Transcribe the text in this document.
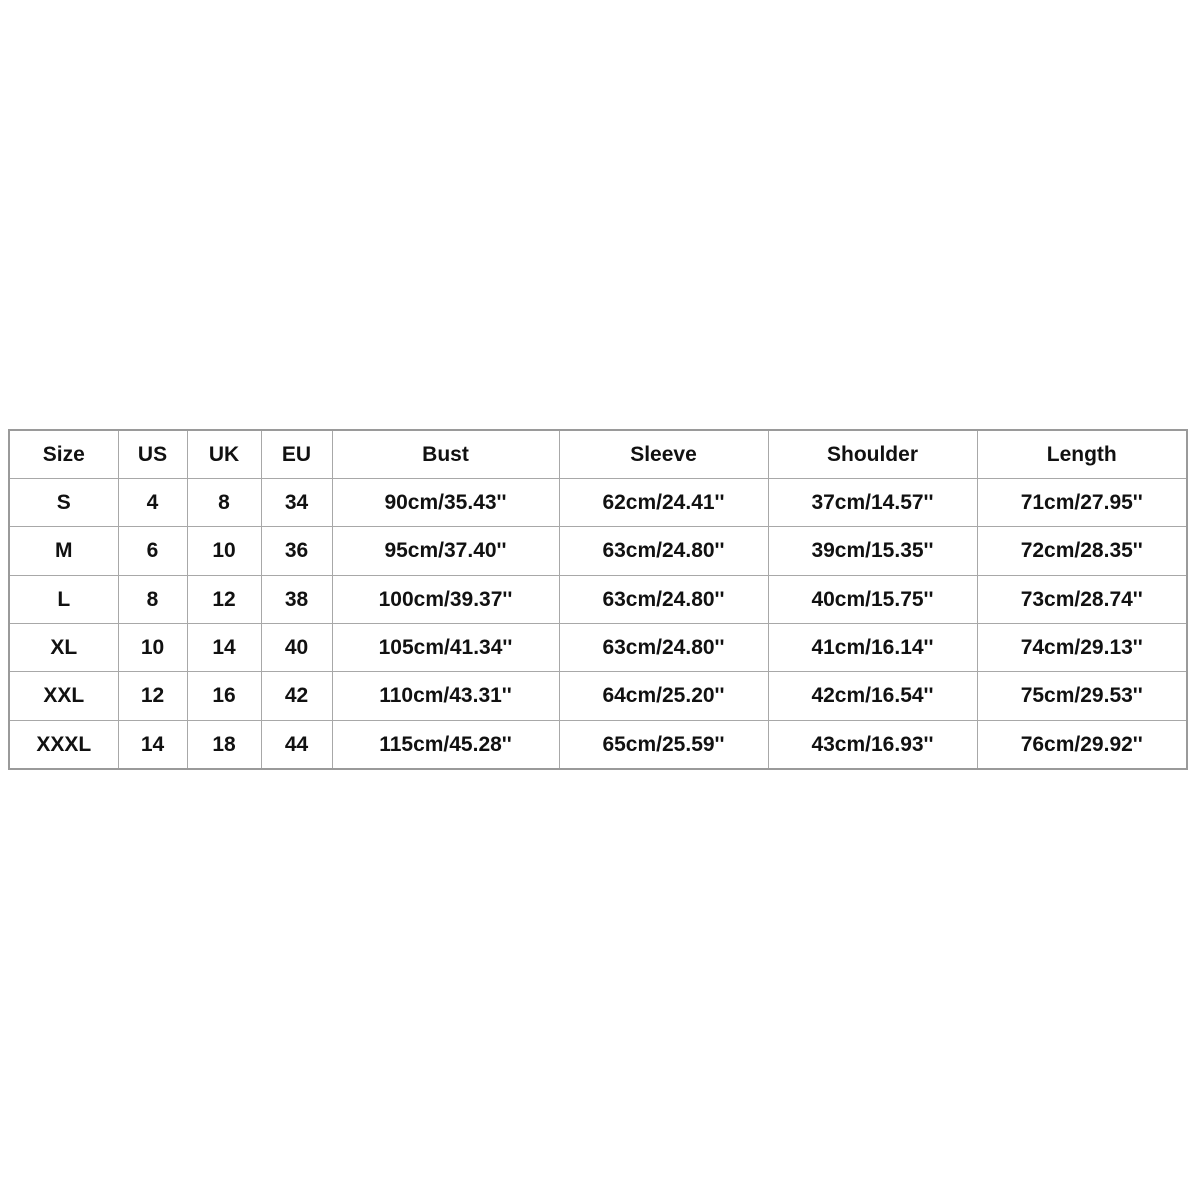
Size	US	UK	EU	Bust	Sleeve	Shoulder	Length
S	4	8	34	90cm/35.43''	62cm/24.41''	37cm/14.57''	71cm/27.95''
M	6	10	36	95cm/37.40''	63cm/24.80''	39cm/15.35''	72cm/28.35''
L	8	12	38	100cm/39.37''	63cm/24.80''	40cm/15.75''	73cm/28.74''
XL	10	14	40	105cm/41.34''	63cm/24.80''	41cm/16.14''	74cm/29.13''
XXL	12	16	42	110cm/43.31''	64cm/25.20''	42cm/16.54''	75cm/29.53''
XXXL	14	18	44	115cm/45.28''	65cm/25.59''	43cm/16.93''	76cm/29.92''
